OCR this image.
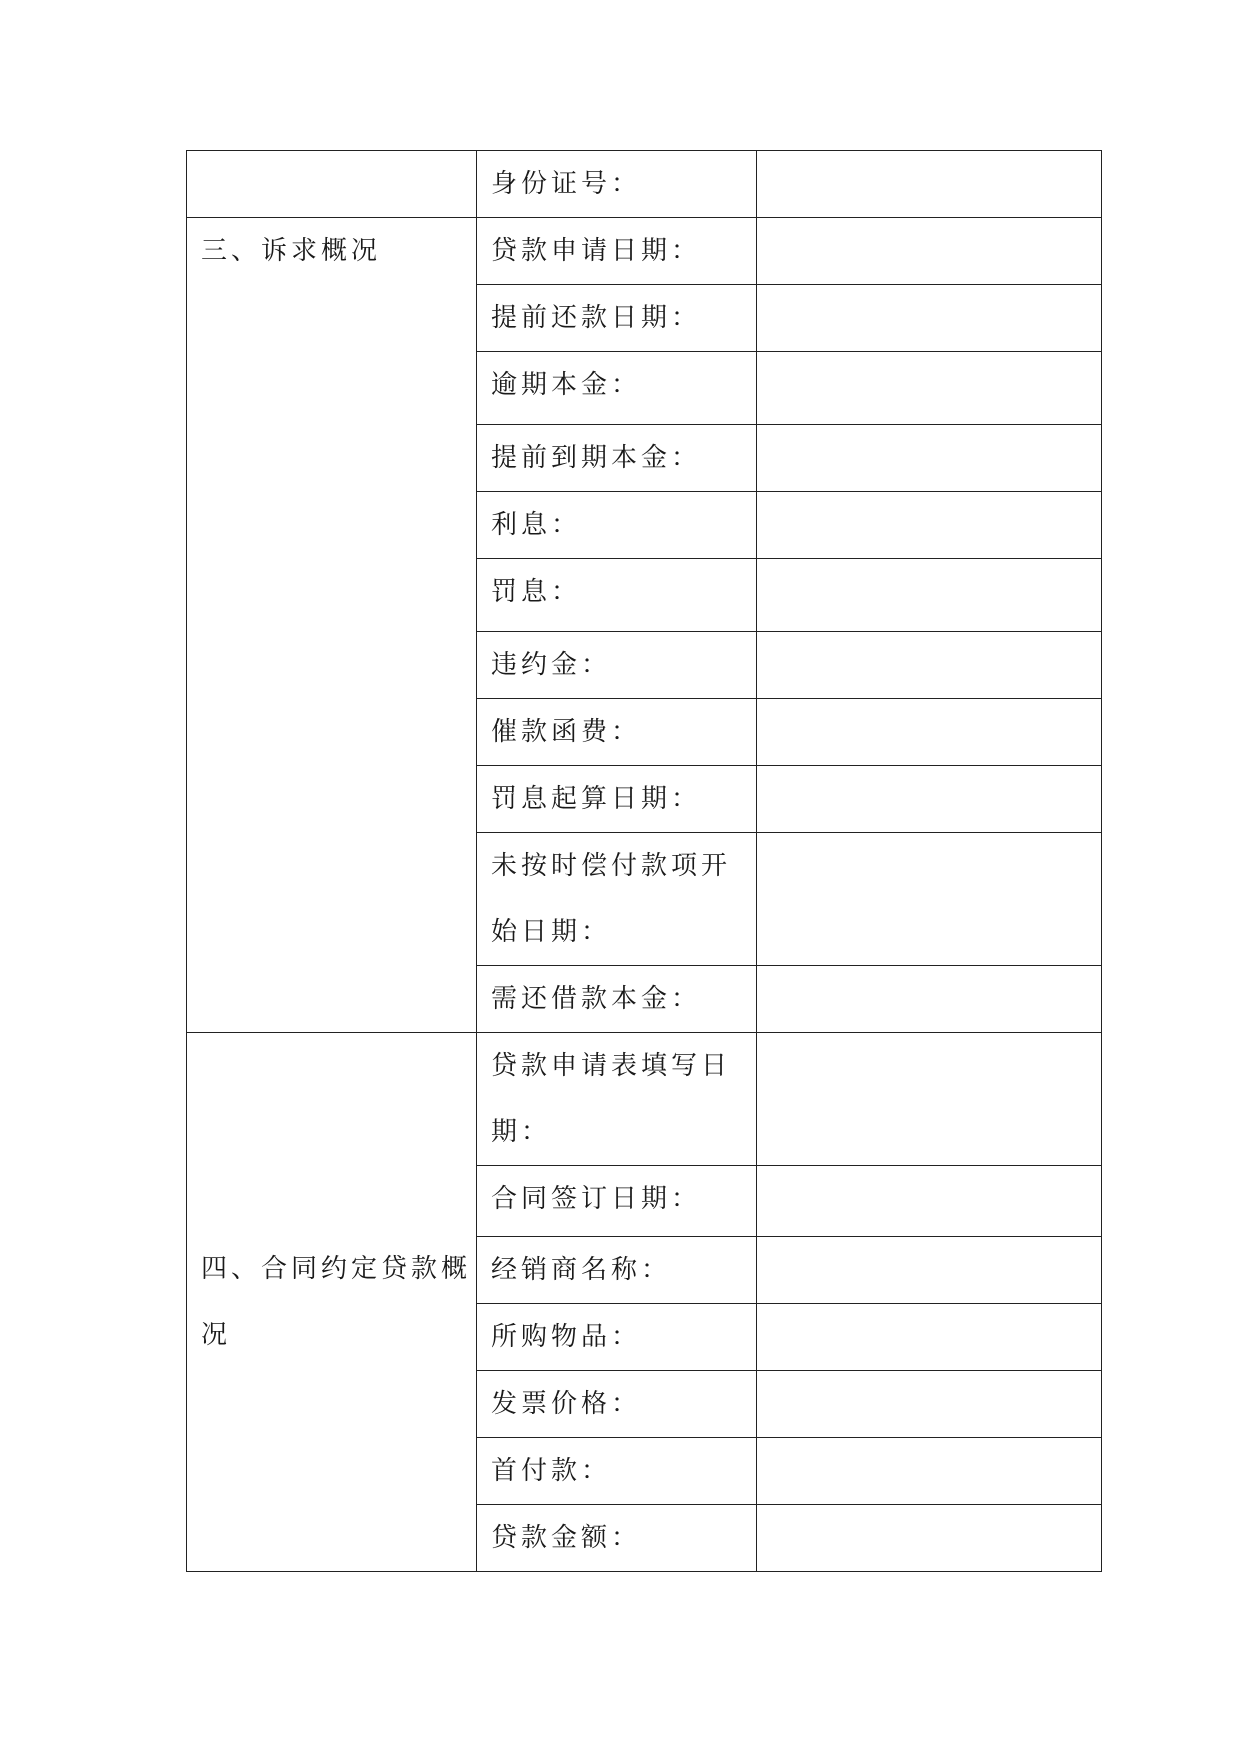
	身份证号：	
三、诉求概况	贷款申请日期：	
	提前还款日期：	
	逾期本金：	
	提前到期本金：	
	利息：	
	罚息：	
	违约金：	
	催款函费：	
	罚息起算日期：	
	未按时偿付款项开始日期：	
	需还借款本金：	
四、合同约定贷款概况	贷款申请表填写日期：	
	合同签订日期：	
	经销商名称：	
	所购物品：	
	发票价格：	
	首付款：	
	贷款金额：	
